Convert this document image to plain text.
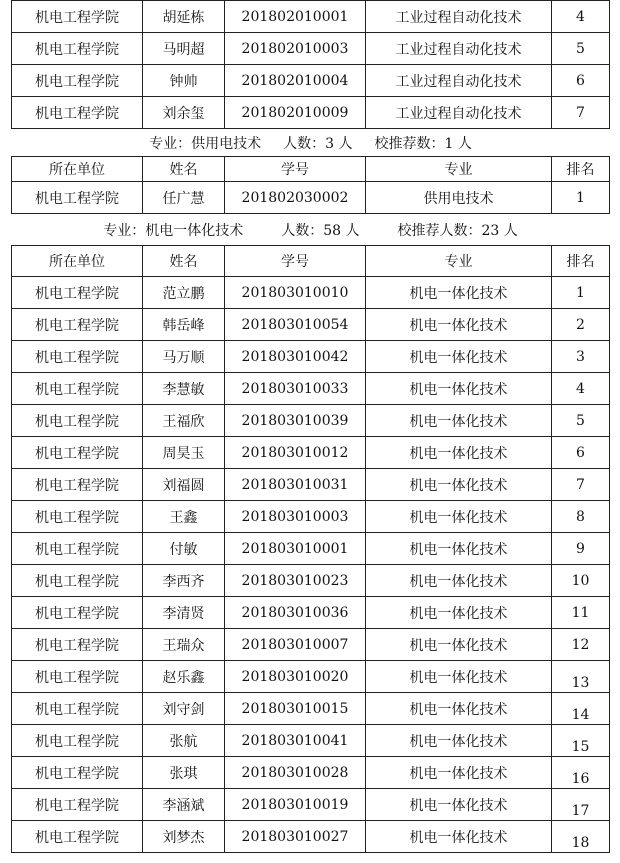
机电工程学院	胡延栋	201802010001	工业过程自动化技术	4
机电工程学院	马明超	201802010003	工业过程自动化技术	5
机电工程学院	钟帅	201802010004	工业过程自动化技术	6
机电工程学院	刘余玺	201802010009	工业过程自动化技术	7
专业：供用电技术 人数：3 人 校推荐数：1 人				
所在单位	姓名	学号	专业	排名
机电工程学院	任广慧	201802030002	供用电技术	1
专业：机电一体化技术 人数：58 人 校推荐人数：23 人				
所在单位	姓名	学号	专业	排名
机电工程学院	范立鹏	201803010010	机电一体化技术	1
机电工程学院	韩岳峰	201803010054	机电一体化技术	2
机电工程学院	马万顺	201803010042	机电一体化技术	3
机电工程学院	李慧敏	201803010033	机电一体化技术	4
机电工程学院	王福欣	201803010039	机电一体化技术	5
机电工程学院	周昊玉	201803010012	机电一体化技术	6
机电工程学院	刘福圆	201803010031	机电一体化技术	7
机电工程学院	王鑫	201803010003	机电一体化技术	8
机电工程学院	付敏	201803010001	机电一体化技术	9
机电工程学院	李西齐	201803010023	机电一体化技术	10
机电工程学院	李清贤	201803010036	机电一体化技术	11
机电工程学院	王瑞众	201803010007	机电一体化技术	12
机电工程学院	赵乐鑫	201803010020	机电一体化技术	13
机电工程学院	刘守剑	201803010015	机电一体化技术	14
机电工程学院	张航	201803010041	机电一体化技术	15
机电工程学院	张琪	201803010028	机电一体化技术	16
机电工程学院	李涵斌	201803010019	机电一体化技术	17
机电工程学院	刘梦杰	201803010027	机电一体化技术	18
